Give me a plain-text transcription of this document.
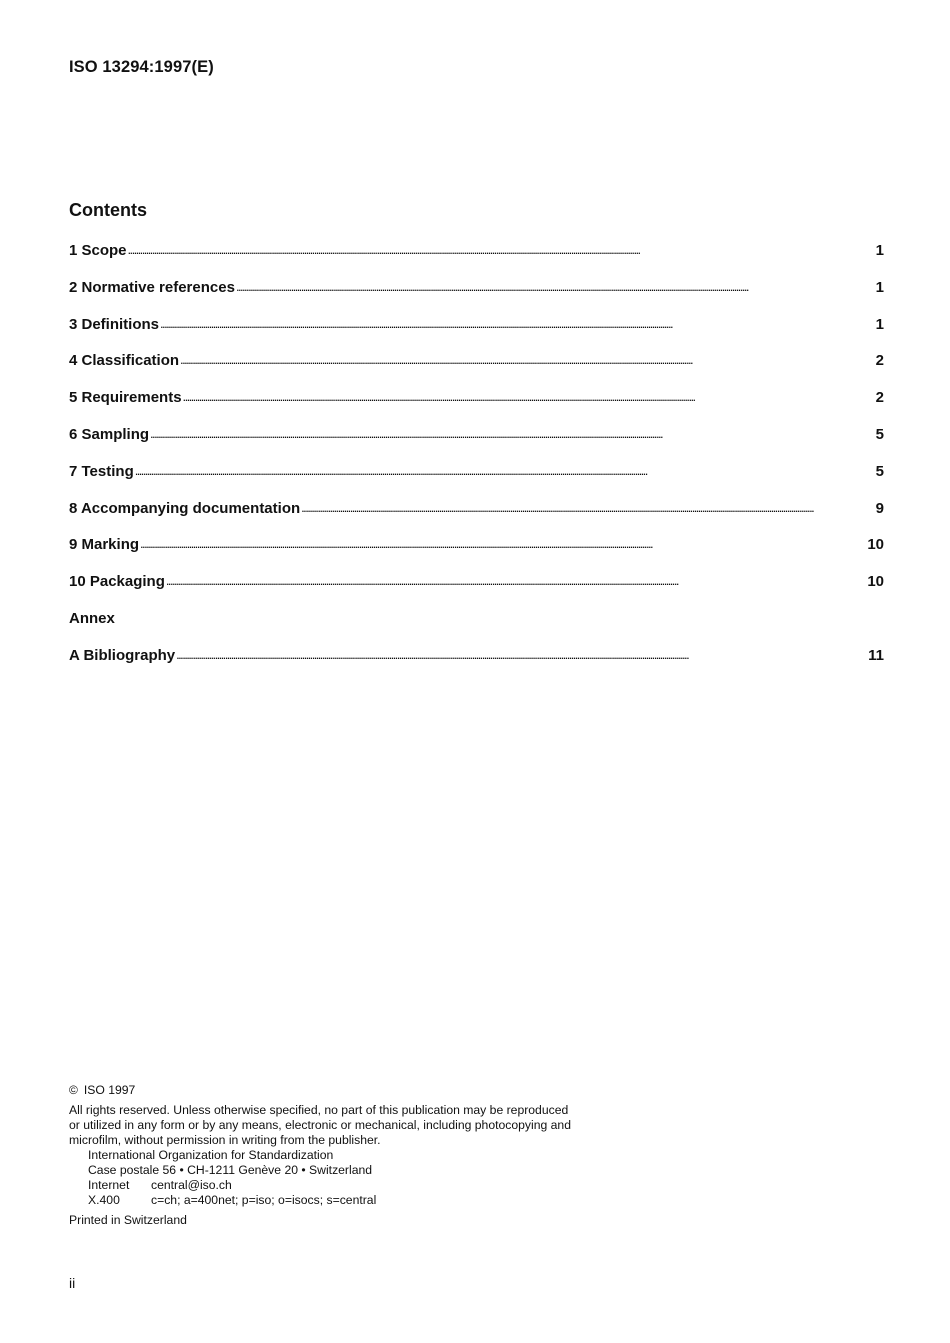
ISO 13294:1997(E)
Contents
1 Scope . . .	1
2 Normative references . . .	1
3 Definitions . . .	1
4 Classification . . .	2
5 Requirements . . .	2
6 Sampling . . .	5
7 Testing . . .	5
8 Accompanying documentation . . .	9
9 Marking . . .	10
10 Packaging . . .	10
Annex
A Bibliography . . .	11
© ISO 1997
All rights reserved. Unless otherwise specified, no part of this publication may be reproduced
or utilized in any form or by any means, electronic or mechanical, including photocopying and
microfilm, without permission in writing from the publisher.
International Organization for Standardization
Case postale 56 • CH-1211 Genève 20 • Switzerland
Internet	central@iso.ch
X.400	c=ch; a=400net; p=iso; o=isocs; s=central
Printed in Switzerland
ii
